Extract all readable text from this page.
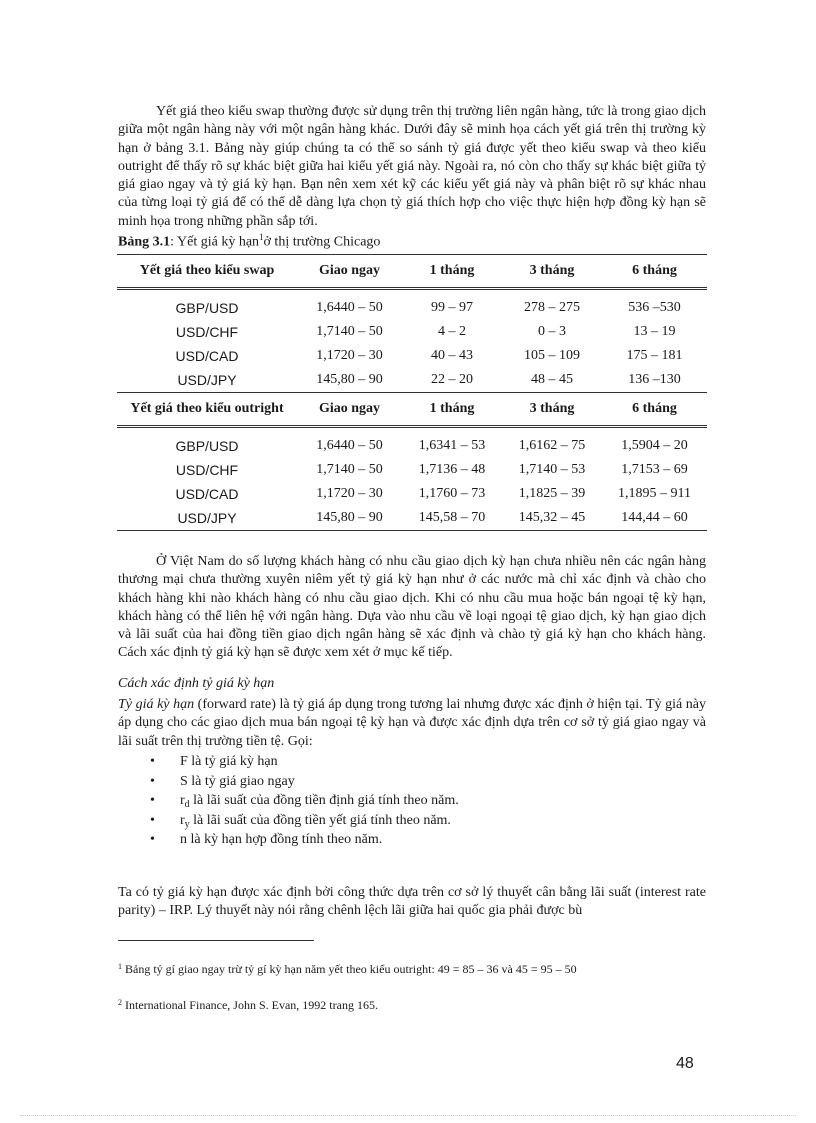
Yết giá theo kiểu swap thường được sử dụng trên thị trường liên ngân hàng, tức là trong giao dịch giữa một ngân hàng này với một ngân hàng khác. Dưới đây sẽ minh họa cách yết giá trên thị trường kỳ hạn ở bảng 3.1. Bảng này giúp chúng ta có thể so sánh tỷ giá được yết theo kiểu swap và theo kiểu outright để thấy rõ sự khác biệt giữa hai kiểu yết giá này. Ngoài ra, nó còn cho thấy sự khác biệt giữa tỷ giá giao ngay và tỷ giá kỳ hạn. Bạn nên xem xét kỹ các kiểu yết giá này và phân biệt rõ sự khác nhau của từng loại tỷ giá để có thể dễ dàng lựa chọn tỷ giá thích hợp cho việc thực hiện hợp đồng kỳ hạn sẽ minh họa trong những phần sắp tới.

Bảng 3.1: Yết giá kỳ hạn$^1$ở thị trường Chicago
Yết giá theo kiểu swap	Giao ngay	1 tháng	3 tháng	6 tháng

GBP/USD	1,6440 – 50	99 – 97	278 – 275	536 –530
USD/CHF	1,7140 – 50	4 – 2	0 – 3	13 – 19
USD/CAD	1,1720 – 30	40 – 43	105 – 109	175 – 181
USD/JPY	145,80 – 90	22 – 20	48 – 45	136 –130
Yết giá theo kiểu outright	Giao ngay	1 tháng	3 tháng	6 tháng

GBP/USD	1,6440 – 50	1,6341 – 53	1,6162 – 75	1,5904 – 20
USD/CHF	1,7140 – 50	1,7136 – 48	1,7140 – 53	1,7153 – 69
USD/CAD	1,1720 – 30	1,1760 – 73	1,1825 – 39	1,1895 – 911
USD/JPY	145,80 – 90	145,58 – 70	145,32 – 45	144,44 – 60

Ở Việt Nam do số lượng khách hàng có nhu cầu giao dịch kỳ hạn chưa nhiều nên các ngân hàng thương mại chưa thường xuyên niêm yết tỷ giá kỳ hạn như ở các nước mà chỉ xác định và chào cho khách hàng khi nào khách hàng có nhu cầu giao dịch. Khi có nhu cầu mua hoặc bán ngoại tệ kỳ hạn, khách hàng có thể liên hệ với ngân hàng. Dựa vào nhu cầu về loại ngoại tệ giao dịch, kỳ hạn giao dịch và lãi suất của hai đồng tiền giao dịch ngân hàng sẽ xác định và chào tỷ giá kỳ hạn cho khách hàng. Cách xác định tỷ giá kỳ hạn sẽ được xem xét ở mục kế tiếp.

Cách xác định tỷ giá kỳ hạn

Tỷ giá kỳ hạn (forward rate) là tỷ giá áp dụng trong tương lai nhưng được xác định ở hiện tại. Tỷ giá này áp dụng cho các giao dịch mua bán ngoại tệ kỳ hạn và được xác định dựa trên cơ sở tỷ giá giao ngay và lãi suất trên thị trường tiền tệ. Gọi:

• F là tỷ giá kỳ hạn
• S là tỷ giá giao ngay
• $r_d$ là lãi suất của đồng tiền định giá tính theo năm.
• $r_y$ là lãi suất của đồng tiền yết giá tính theo năm.
• n là kỳ hạn hợp đồng tính theo năm.

Ta có tỷ giá kỳ hạn được xác định bởi công thức dựa trên cơ sở lý thuyết cân bằng lãi suất (interest rate parity) – IRP. Lý thuyết này nói rằng chênh lệch lãi giữa hai quốc gia phải được bù

$^1$ Bảng tỷ gí giao ngay trừ tỷ gí kỳ hạn năm yết theo kiểu outright: 49 = 85 – 36 và 45 = 95 – 50
$^2$ International Finance, John S. Evan, 1992 trang 165.
48
